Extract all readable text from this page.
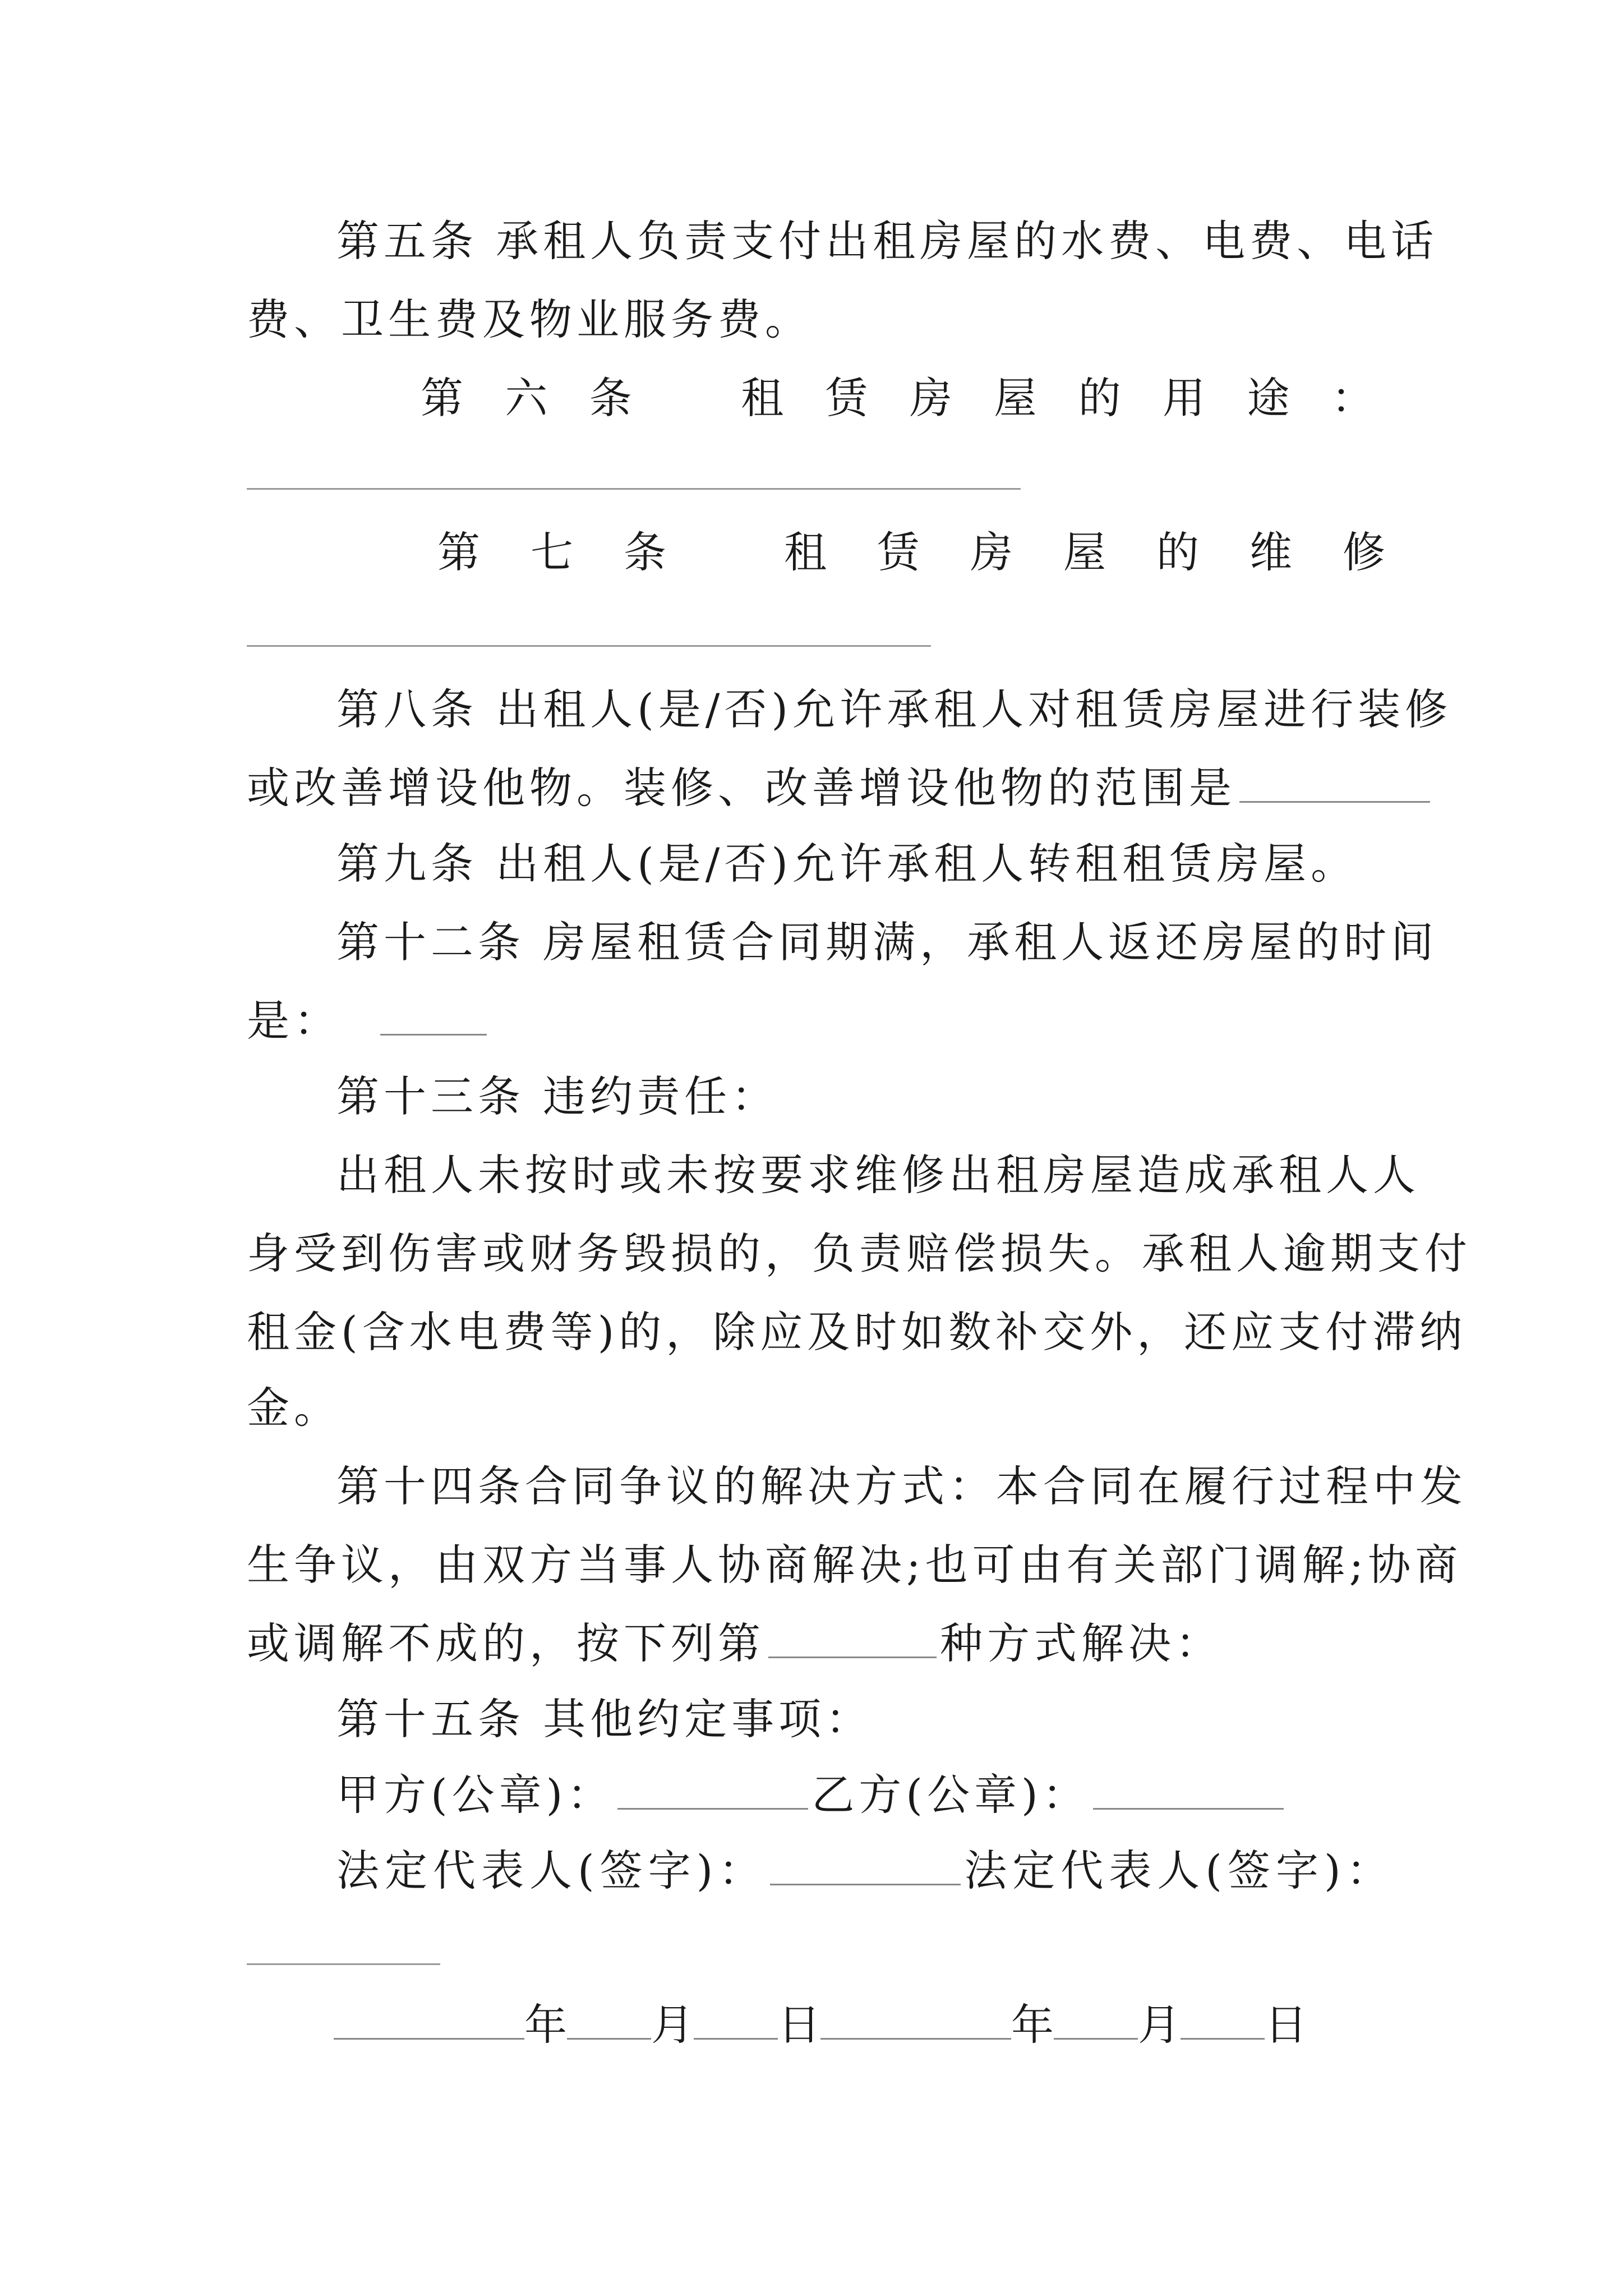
第五条 承租人负责支付出租房屋的水费、电费、电话
费、卫生费及物业服务费。
第 六 条	租 赁 房 屋 的 用 途 ：
第 七 条	租 赁 房 屋 的 维 修
第八条 出租人(是/否)允许承租人对租赁房屋进行装修
或改善增设他物。装修、改善增设他物的范围是
第九条 出租人(是/否)允许承租人转租租赁房屋。
第十二条 房屋租赁合同期满，承租人返还房屋的时间
是：
第十三条 违约责任：
出租人未按时或未按要求维修出租房屋造成承租人人
身受到伤害或财务毁损的，负责赔偿损失。承租人逾期支付
租金(含水电费等)的，除应及时如数补交外，还应支付滞纳
金。
第十四条合同争议的解决方式：本合同在履行过程中发
生争议，由双方当事人协商解决;也可由有关部门调解;协商
或调解不成的，按下列第	种方式解决：
第十五条 其他约定事项：
甲方(公章)：	乙方(公章)：
法定代表人(签字)：	法定代表人(签字)：
年 月 日	年 月 日
